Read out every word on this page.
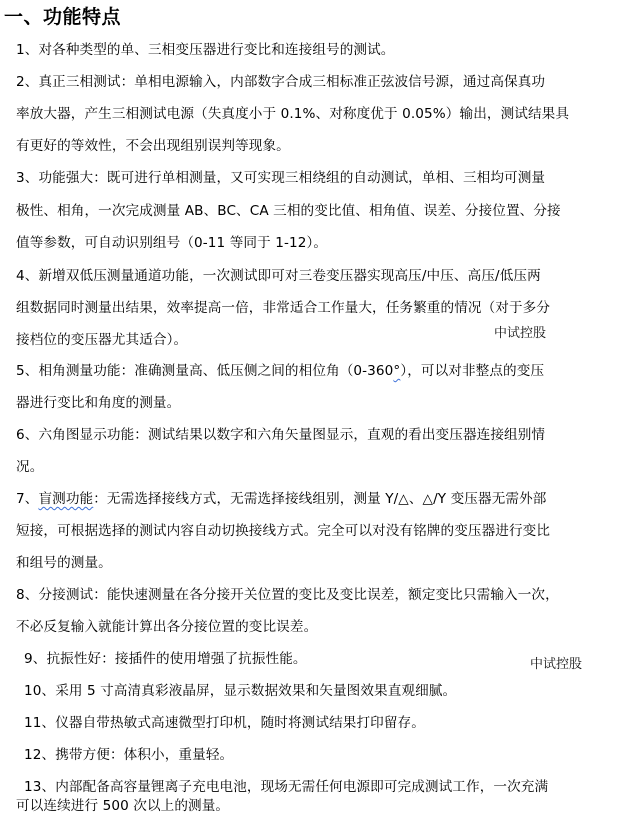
一、功能特点
1、对各种类型的单、三相变压器进行变比和连接组号的测试。
2、真正三相测试：单相电源输入，内部数字合成三相标准正弦波信号源，通过高保真功
率放大器，产生三相测试电源（失真度小于 0.1%、对称度优于 0.05%）输出，测试结果具
有更好的等效性，不会出现组别误判等现象。
3、功能强大：既可进行单相测量，又可实现三相绕组的自动测试，单相、三相均可测量
极性、相角，一次完成测量 AB、BC、CA 三相的变比值、相角值、误差、分接位置、分接
值等参数，可自动识别组号（0-11 等同于 1-12）。
4、新增双低压测量通道功能，一次测试即可对三卷变压器实现高压/中压、高压/低压两
组数据同时测量出结果，效率提高一倍，非常适合工作量大，任务繁重的情况（对于多分
接档位的变压器尤其适合）。	中试控股
5、相角测量功能：准确测量高、低压侧之间的相位角（0-360°），可以对非整点的变压
器进行变比和角度的测量。
6、六角图显示功能：测试结果以数字和六角矢量图显示，直观的看出变压器连接组别情
况。
7、盲测功能：无需选择接线方式，无需选择接线组别，测量 Y/△、△/Y 变压器无需外部
短接，可根据选择的测试内容自动切换接线方式。完全可以对没有铭牌的变压器进行变比
和组号的测量。
8、分接测试：能快速测量在各分接开关位置的变比及变比误差，额定变比只需输入一次，
不必反复输入就能计算出各分接位置的变比误差。
9、抗振性好：接插件的使用增强了抗振性能。	中试控股
10、采用 5 寸高清真彩液晶屏，显示数据效果和矢量图效果直观细腻。
11、仪器自带热敏式高速微型打印机，随时将测试结果打印留存。
12、携带方便：体积小，重量轻。
13、内部配备高容量锂离子充电电池，现场无需任何电源即可完成测试工作，一次充满
可以连续进行 500 次以上的测量。
